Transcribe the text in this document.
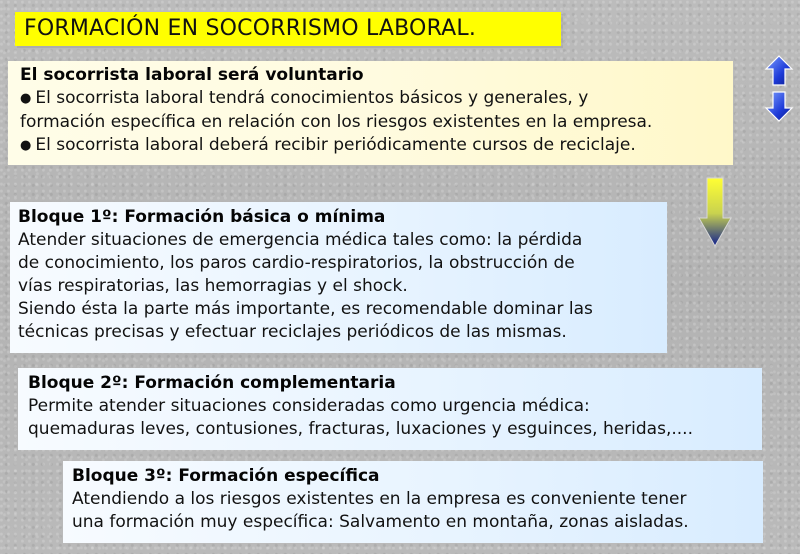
FORMACIÓN EN SOCORRISMO LABORAL.
El socorrista laboral será voluntario
● El socorrista laboral tendrá conocimientos básicos y generales, y
formación específica en relación con los riesgos existentes en la empresa.
● El socorrista laboral deberá recibir periódicamente cursos de reciclaje.
Bloque 1º: Formación básica o mínima
Atender situaciones de emergencia médica tales como: la pérdida
de conocimiento, los paros cardio-respiratorios, la obstrucción de
vías respiratorias, las hemorragias y el shock.
Siendo ésta la parte más importante, es recomendable dominar las
técnicas precisas y efectuar reciclajes periódicos de las mismas.
Bloque 2º: Formación complementaria
Permite atender situaciones consideradas como urgencia médica:
quemaduras leves, contusiones, fracturas, luxaciones y esguinces, heridas,....
Bloque 3º: Formación específica
Atendiendo a los riesgos existentes en la empresa es conveniente tener
una formación muy específica: Salvamento en montaña, zonas aisladas.
